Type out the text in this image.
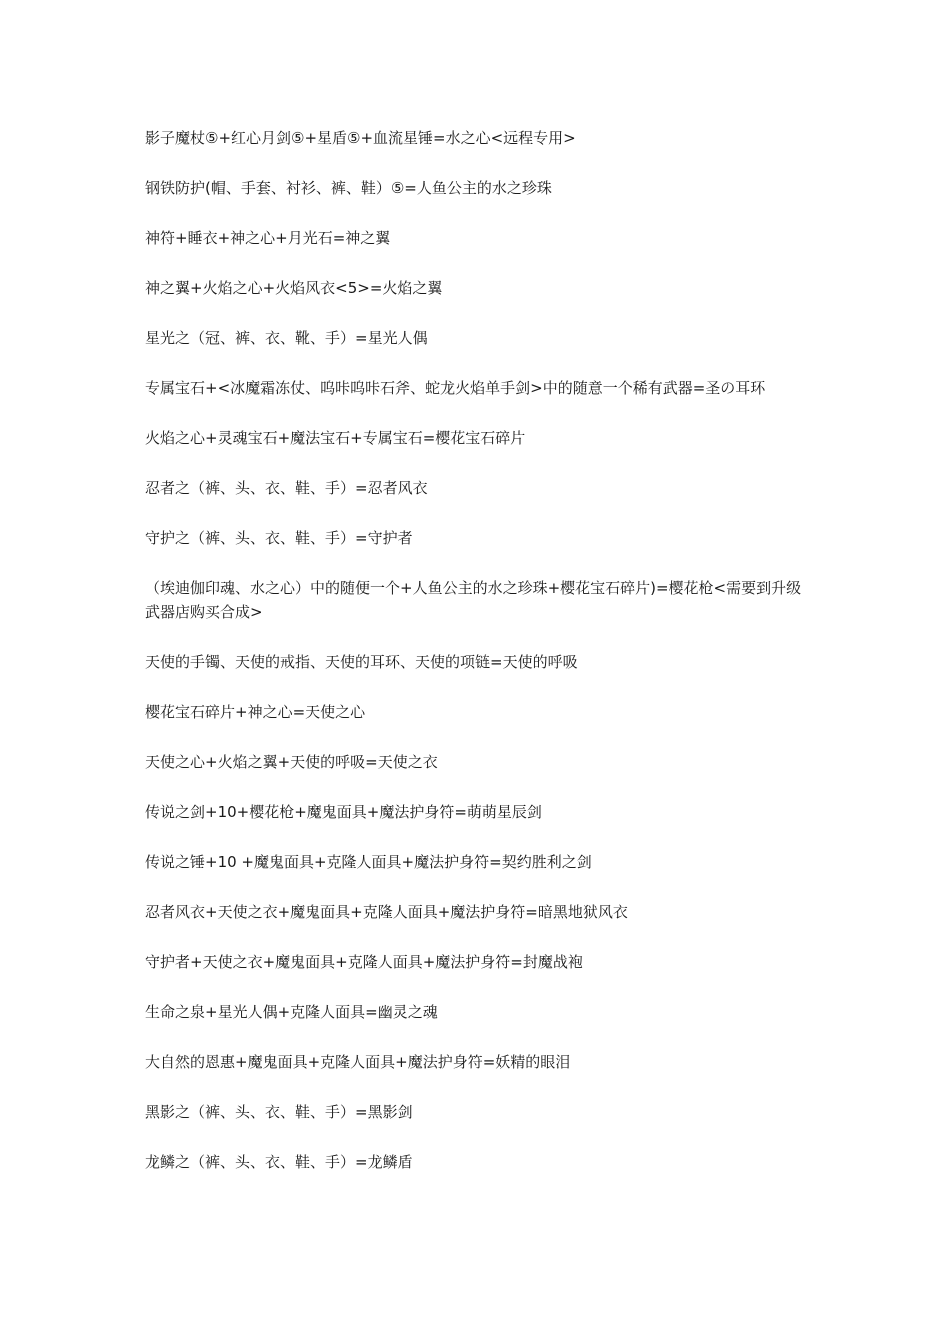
影子魔杖⑤+红心月剑⑤+星盾⑤+血流星锤=水之心<远程专用>

钢铁防护(帽、手套、衬衫、裤、鞋）⑤=人鱼公主的水之珍珠

神符+睡衣+神之心+月光石=神之翼

神之翼+火焰之心+火焰风衣<5>=火焰之翼

星光之（冠、裤、衣、靴、手）=星光人偶

专属宝石+<冰魔霜冻仗、呜咔呜咔石斧、蛇龙火焰单手剑>中的随意一个稀有武器=圣の耳环

火焰之心+灵魂宝石+魔法宝石+专属宝石=樱花宝石碎片

忍者之（裤、头、衣、鞋、手）=忍者风衣

守护之（裤、头、衣、鞋、手）=守护者

（埃迪伽印魂、水之心）中的随便一个+人鱼公主的水之珍珠+樱花宝石碎片)=樱花枪<需要到升级武器店购买合成>

天使的手镯、天使的戒指、天使的耳环、天使的项链=天使的呼吸

樱花宝石碎片+神之心=天使之心

天使之心+火焰之翼+天使的呼吸=天使之衣

传说之剑+10+樱花枪+魔鬼面具+魔法护身符=萌萌星辰剑

传说之锤+10 +魔鬼面具+克隆人面具+魔法护身符=契约胜利之剑

忍者风衣+天使之衣+魔鬼面具+克隆人面具+魔法护身符=暗黑地狱风衣

守护者+天使之衣+魔鬼面具+克隆人面具+魔法护身符=封魔战袍

生命之泉+星光人偶+克隆人面具=幽灵之魂

大自然的恩惠+魔鬼面具+克隆人面具+魔法护身符=妖精的眼泪

黑影之（裤、头、衣、鞋、手）=黑影剑

龙鳞之（裤、头、衣、鞋、手）=龙鳞盾
